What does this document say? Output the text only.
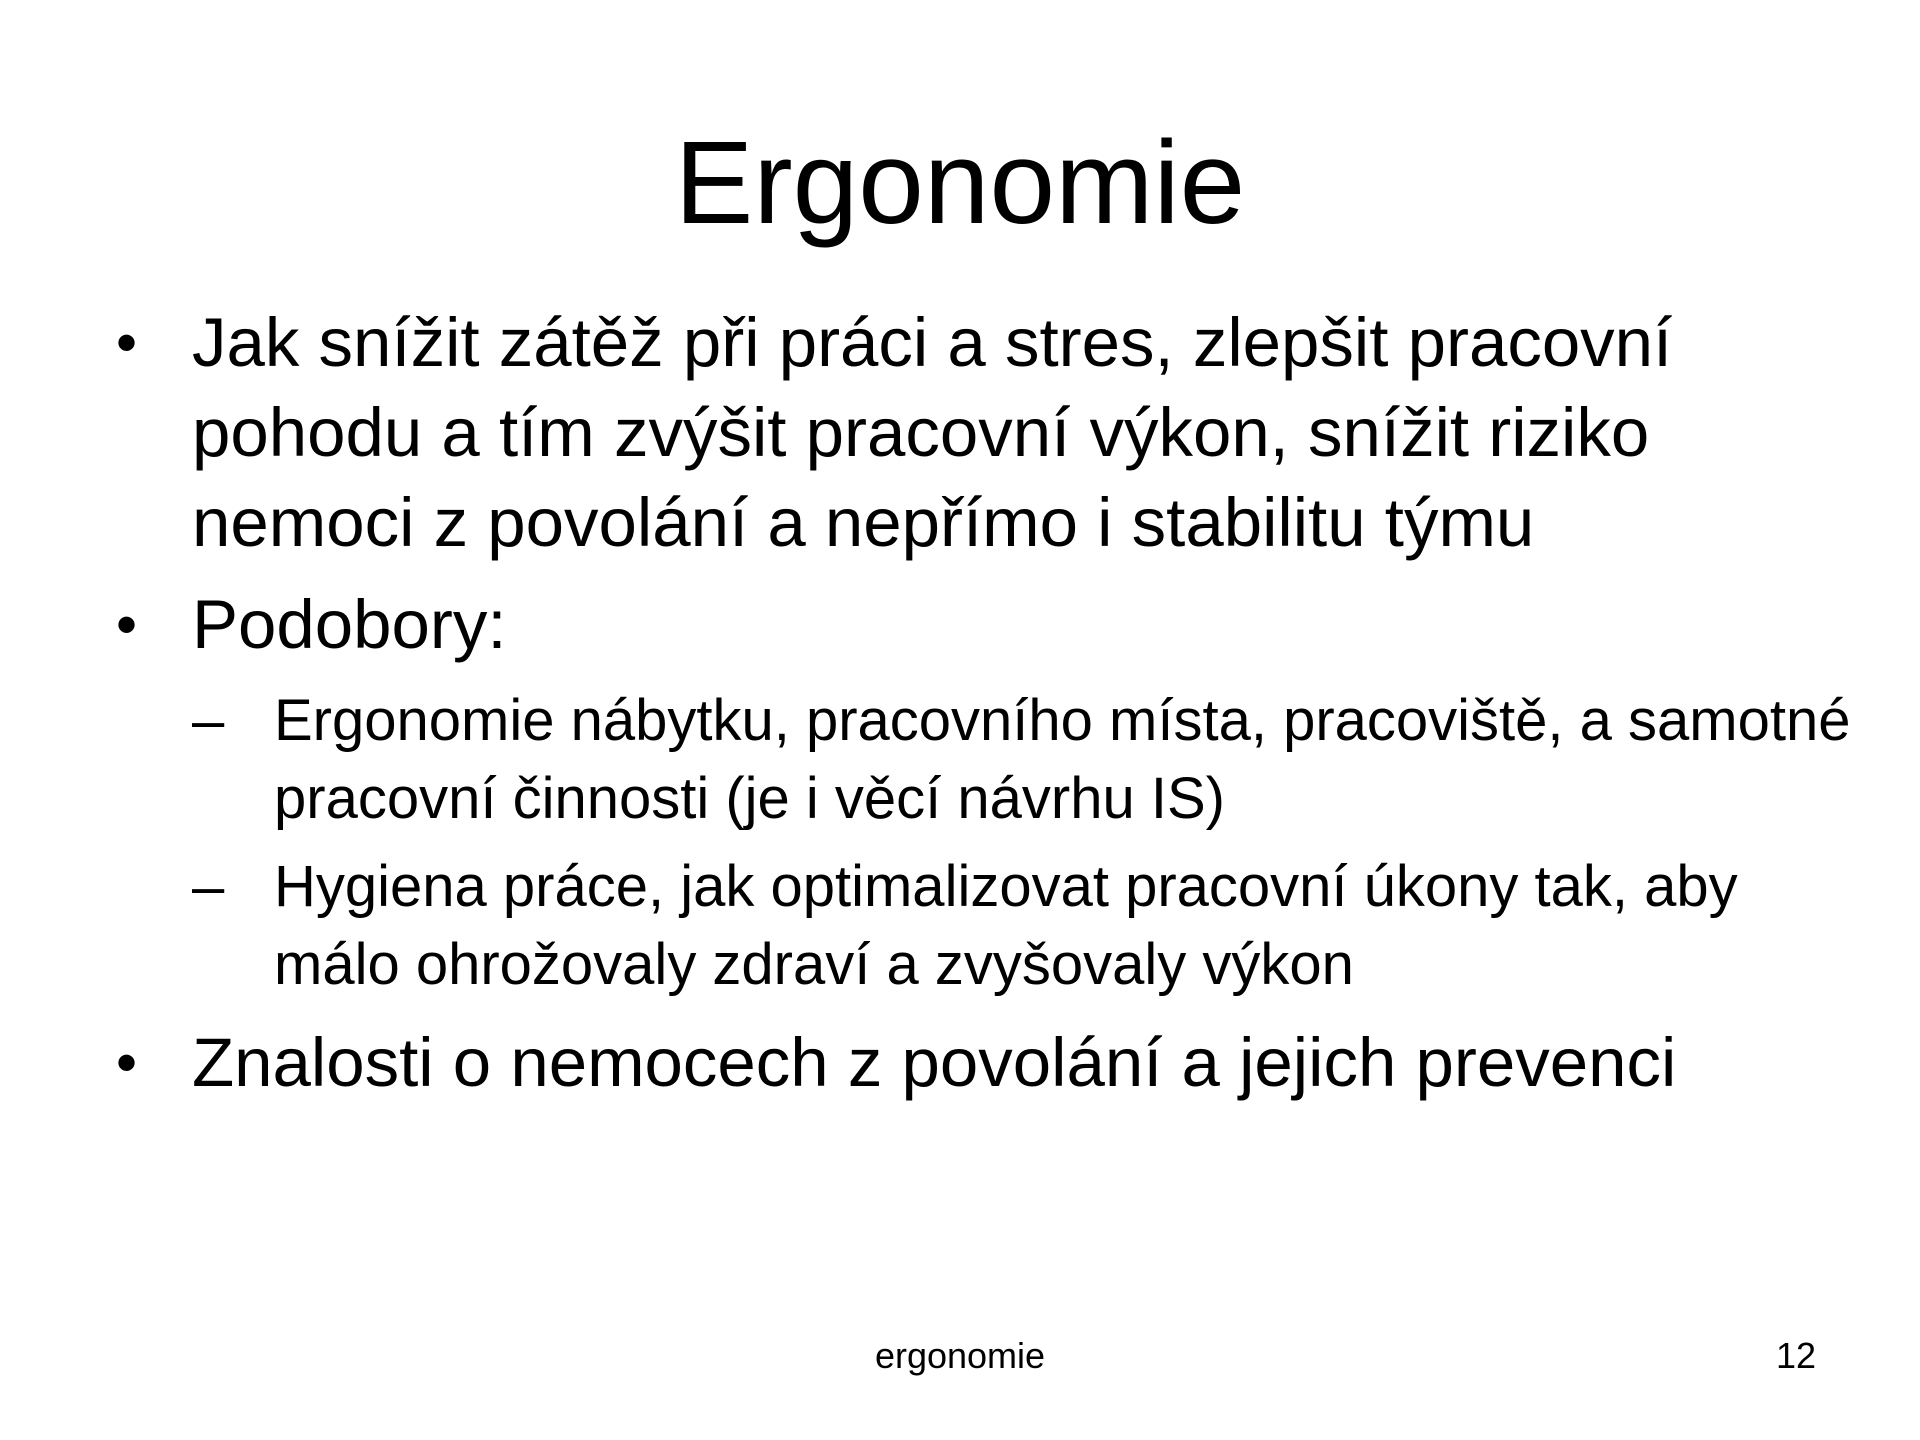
Ergonomie
• Jak snížit zátěž při práci a stres, zlepšit pracovní pohodu a tím zvýšit pracovní výkon, snížit riziko nemoci z povolání a nepřímo i stabilitu týmu
• Podobory:
– Ergonomie nábytku, pracovního místa, pracoviště, a samotné pracovní činnosti (je i věcí návrhu IS)
– Hygiena práce, jak optimalizovat pracovní úkony tak, aby málo ohrožovaly zdraví a zvyšovaly výkon
• Znalosti o nemocech z povolání a jejich prevenci
ergonomie	12
